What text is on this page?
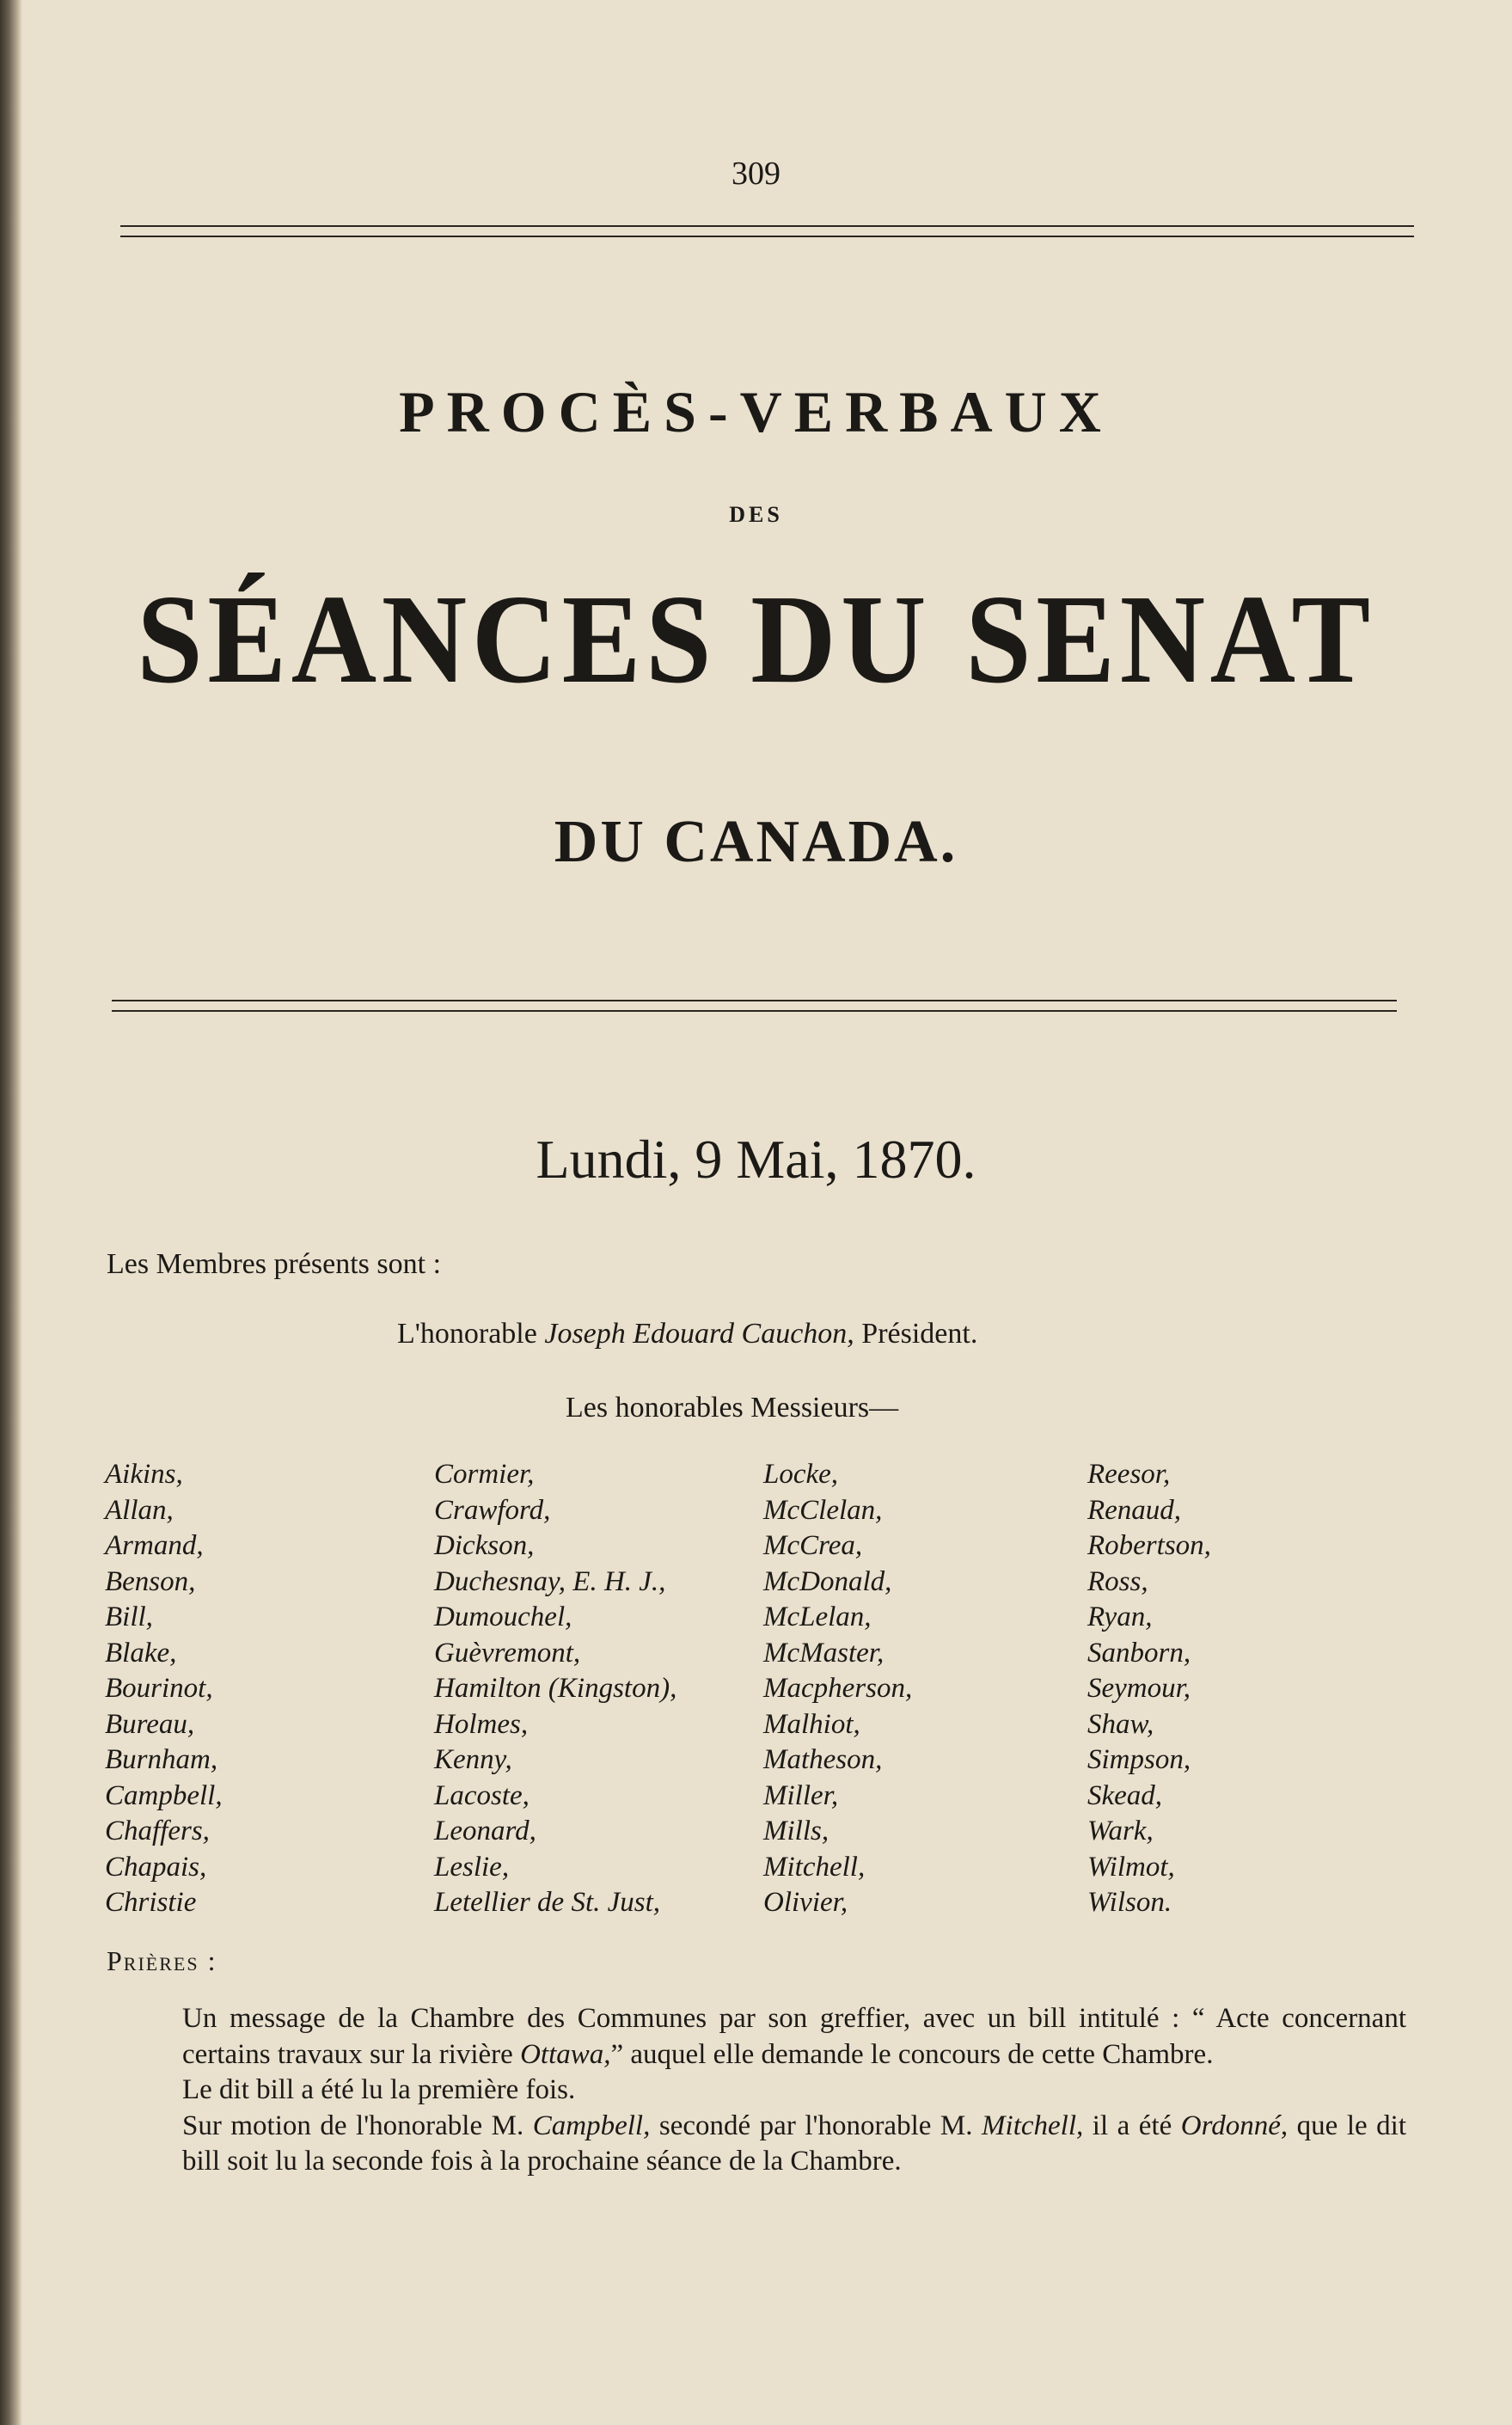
309
PROCÈS-VERBAUX
DES
SÉANCES DU SENAT
DU CANADA.
Lundi, 9 Mai, 1870.
Les Membres présents sont :
L'honorable Joseph Edouard Cauchon, Président.
Les honorables Messieurs—
Aikins,
Allan,
Armand,
Benson,
Bill,
Blake,
Bourinot,
Bureau,
Burnham,
Campbell,
Chaffers,
Chapais,
Christie
Cormier,
Crawford,
Dickson,
Duchesnay, E. H. J.,
Dumouchel,
Guèvremont,
Hamilton (Kingston),
Holmes,
Kenny,
Lacoste,
Leonard,
Leslie,
Letellier de St. Just,
Locke,
McClelan,
McCrea,
McDonald,
McLelan,
McMaster,
Macpherson,
Malhiot,
Matheson,
Miller,
Mills,
Mitchell,
Olivier,
Reesor,
Renaud,
Robertson,
Ross,
Ryan,
Sanborn,
Seymour,
Shaw,
Simpson,
Skead,
Wark,
Wilmot,
Wilson.
Prières :

Un message de la Chambre des Communes par son greffier, avec un bill intitulé : “ Acte concernant certains travaux sur la rivière Ottawa,” auquel elle demande le concours de cette Chambre.

Le dit bill a été lu la première fois.

Sur motion de l'honorable M. Campbell, secondé par l'honorable M. Mitchell, il a été Ordonné, que le dit bill soit lu la seconde fois à la prochaine séance de la Chambre.
